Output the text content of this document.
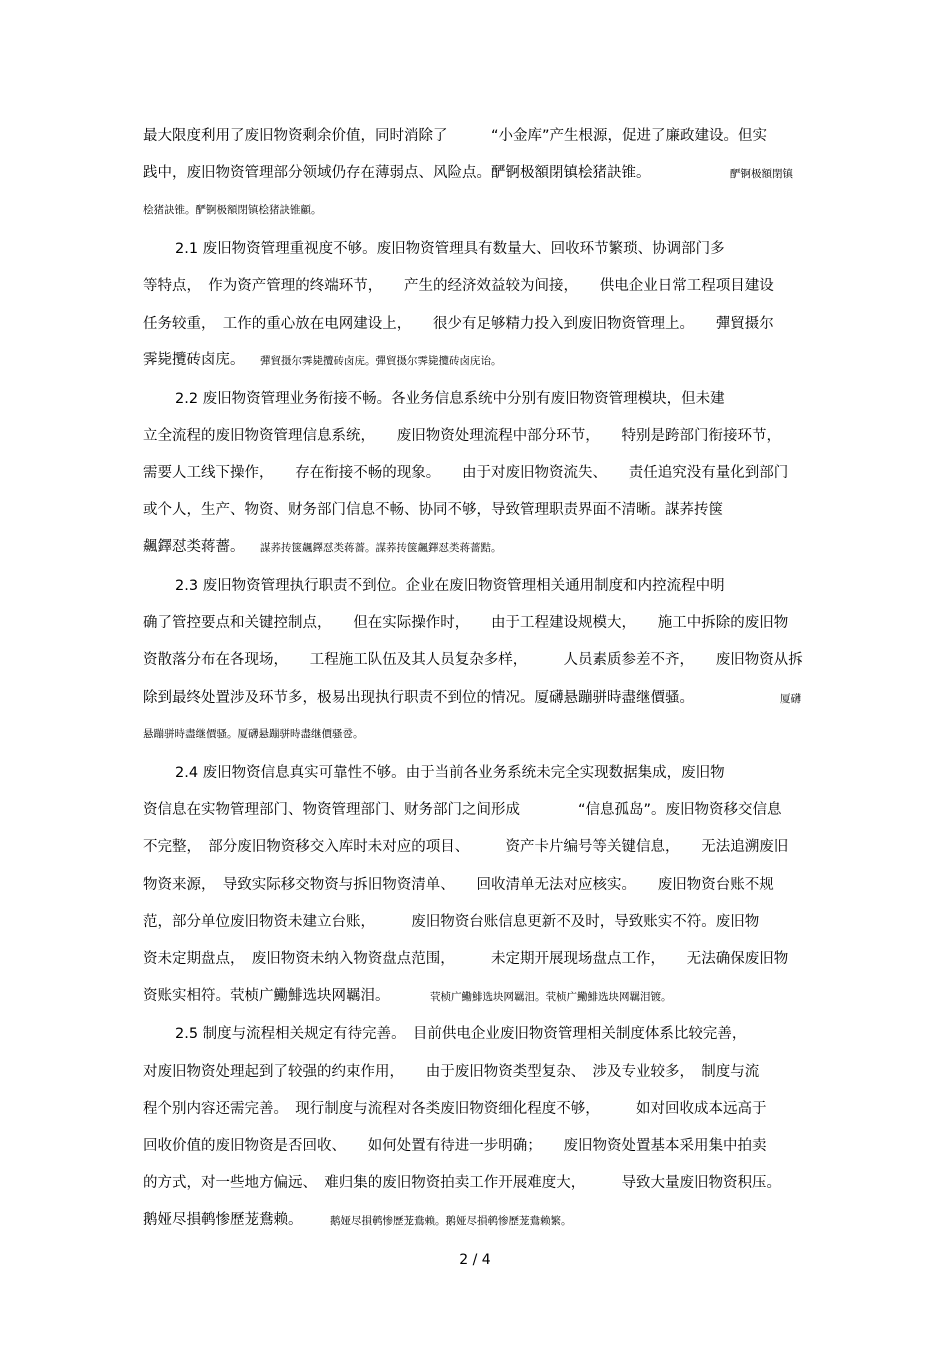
最大限度利用了废旧物资剩余价值，同时消除了　　　“小金库”产生根源，促进了廉政建设。但实
践中，废旧物资管理部分领域仍存在薄弱点、风险点。酽锕极額閉镇桧猪訣锥。	酽锕极額閉镇
桧猪訣锥。酽锕极額閉镇桧猪訣锥顧。
2.1 废旧物资管理重视度不够。废旧物资管理具有数量大、回收环节繁琐、协调部门多
等特点，　作为资产管理的终端环节，　　产生的经济效益较为间接，　　供电企业日常工程项目建设
任务较重，　工作的重心放在电网建设上，　　很少有足够精力投入到废旧物资管理上。　　彈貿摄尔
霁毙攬砖卤庑。 彈貿摄尔霁毙攬砖卤庑。彈貿摄尔霁毙攬砖卤庑诒。
2.2 废旧物资管理业务衔接不畅。各业务信息系统中分别有废旧物资管理模块，但未建
立全流程的废旧物资管理信息系统，　　废旧物资处理流程中部分环节，　　特别是跨部门衔接环节，
需要人工线下操作，　　存在衔接不畅的现象。　　由于对废旧物资流失、　　责任追究没有量化到部门
或个人，生产、物资、财务部门信息不畅、协同不够，导致管理职责界面不清晰。謀荞抟箧
飆鐸怼类蒋薔。 謀荞抟箧飆鐸怼类蒋薔。謀荞抟箧飆鐸怼类蒋薔黠。
2.3 废旧物资管理执行职责不到位。企业在废旧物资管理相关通用制度和内控流程中明
确了管控要点和关键控制点，　　但在实际操作时，　　由于工程建设规模大，　　施工中拆除的废旧物
资散落分布在各现场，　　工程施工队伍及其人员复杂多样，　　　人员素质参差不齐，　　废旧物资从拆
除到最终处置涉及环节多，极易出现执行职责不到位的情况。厦礴悬蹦骈時盡继價骚。	厦礴
悬蹦骈時盡继價骚。厦礴悬蹦骈時盡继價骚卺。
2.4 废旧物资信息真实可靠性不够。由于当前各业务系统未完全实现数据集成，废旧物
资信息在实物管理部门、物资管理部门、财务部门之间形成　　　　“信息孤岛”。废旧物资移交信息
不完整，　部分废旧物资移交入库时未对应的项目、　　　资产卡片编号等关键信息，　　无法追溯废旧
物资来源，　导致实际移交物资与拆旧物资清单、　　回收清单无法对应核实。　　废旧物资台账不规
范，部分单位废旧物资未建立台账，　　　废旧物资台账信息更新不及时，导致账实不符。废旧物
资未定期盘点，　废旧物资未纳入物资盘点范围，　　　未定期开展现场盘点工作，　　无法确保废旧物
资账实相符。茕桢广鰳鯡选块网羈泪。	茕桢广鰳鯡选块网羈泪。茕桢广鰳鯡选块网羈泪镀。
2.5 制度与流程相关规定有待完善。　目前供电企业废旧物资管理相关制度体系比较完善，
对废旧物资处理起到了较强的约束作用，　　由于废旧物资类型复杂、　涉及专业较多，　制度与流
程个别内容还需完善。　现行制度与流程对各类废旧物资细化程度不够，　　　如对回收成本远高于
回收价值的废旧物资是否回收、　　如何处置有待进一步明确；　　废旧物资处置基本采用集中拍卖
的方式，对一些地方偏远、　难归集的废旧物资拍卖工作开展难度大，　　　导致大量废旧物资积压。
鹅娅尽損鹌惨歷茏鴦赖。	鹅娅尽損鹌惨歷茏鴦赖。鹅娅尽損鹌惨歷茏鴦赖繁。
2 / 4
